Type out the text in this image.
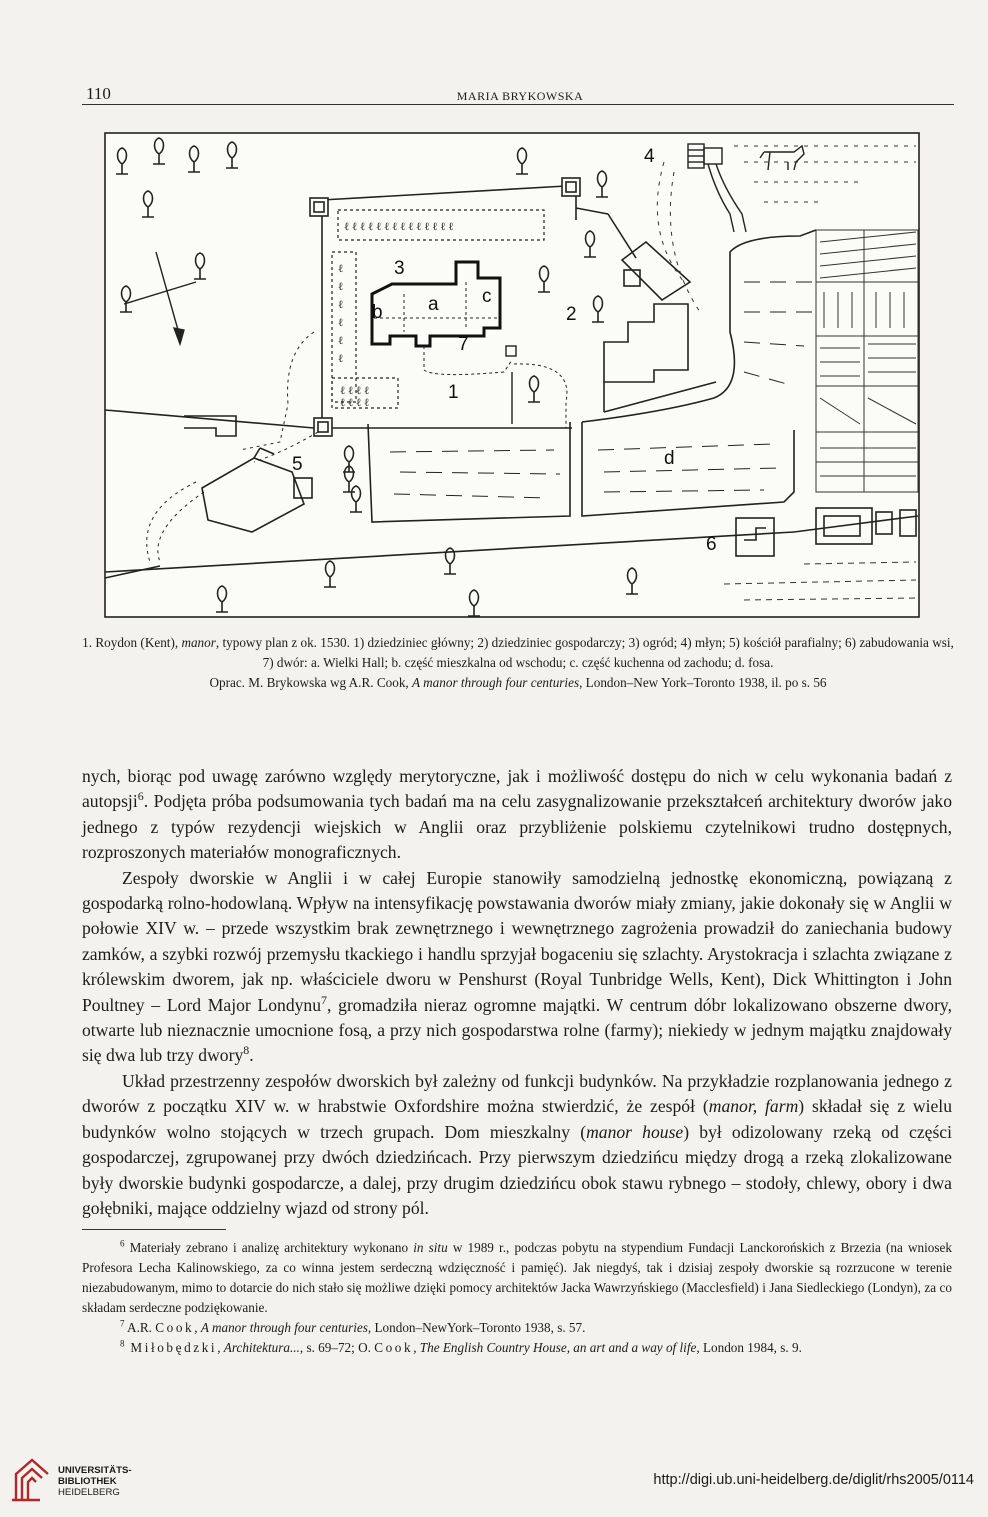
110	MARIA BRYKOWSKA
ℓ ℓ ℓ ℓ ℓ ℓ ℓ ℓ ℓ ℓ ℓ ℓ ℓ ℓ
ℓ
ℓ
ℓ
ℓ
ℓ
ℓ
ℓ ℓ ℓ ℓ
ℓ ℓ ℓ ℓ	1
2
3
4
5
6
7
a
b
c
d

1. Roydon (Kent), manor, typowy plan z ok. 1530. 1) dziedziniec główny; 2) dziedziniec gospodarczy; 3) ogród; 4) młyn; 5) kościół parafialny; 6) zabudowania wsi, 7) dwór: a. Wielki Hall; b. część mieszkalna od wschodu; c. część kuchenna od zachodu; d. fosa.

Oprac. M. Brykowska wg A.R. Cook, A manor through four centuries, London–New York–Toronto 1938, il. po s. 56

nych, biorąc pod uwagę zarówno względy merytoryczne, jak i możliwość dostępu do nich w celu wykonania badań z autopsji$^6$. Podjęta próba podsumowania tych badań ma na celu zasygnalizowanie przekształceń architektury dworów jako jednego z typów rezydencji wiejskich w Anglii oraz przybliżenie polskiemu czytelnikowi trudno dostępnych, rozproszonych materiałów monograficznych.

Zespoły dworskie w Anglii i w całej Europie stanowiły samodzielną jednostkę ekonomiczną, powiązaną z gospodarką rolno-hodowlaną. Wpływ na intensyfikację powstawania dworów miały zmiany, jakie dokonały się w Anglii w połowie XIV w. – przede wszystkim brak zewnętrznego i wewnętrznego zagrożenia prowadził do zaniechania budowy zamków, a szybki rozwój przemysłu tkackiego i handlu sprzyjał bogaceniu się szlachty. Arystokracja i szlachta związane z królewskim dworem, jak np. właściciele dworu w Penshurst (Royal Tunbridge Wells, Kent), Dick Whittington i John Poultney – Lord Major Londynu$^7$, gromadziła nieraz ogromne majątki. W centrum dóbr lokalizowano obszerne dwory, otwarte lub nieznacznie umocnione fosą, a przy nich gospodarstwa rolne (farmy); niekiedy w jednym majątku znajdowały się dwa lub trzy dwory$^8$.

Układ przestrzenny zespołów dworskich był zależny od funkcji budynków. Na przykładzie rozplanowania jednego z dworów z początku XIV w. w hrabstwie Oxfordshire można stwierdzić, że zespół (manor, farm) składał się z wielu budynków wolno stojących w trzech grupach. Dom mieszkalny (manor house) był odizolowany rzeką od części gospodarczej, zgrupowanej przy dwóch dziedzińcach. Przy pierwszym dziedzińcu między drogą a rzeką zlokalizowane były dworskie budynki gospodarcze, a dalej, przy drugim dziedzińcu obok stawu rybnego – stodoły, chlewy, obory i dwa gołębniki, mające oddzielny wjazd od strony pól.

$^6$ Materiały zebrano i analizę architektury wykonano in situ w 1989 r., podczas pobytu na stypendium Fundacji Lanckorońskich z Brzezia (na wniosek Profesora Lecha Kalinowskiego, za co winna jestem serdeczną wdzięczność i pamięć). Jak niegdyś, tak i dzisiaj zespoły dworskie są rozrzucone w terenie niezabudowanym, mimo to dotarcie do nich stało się możliwe dzięki pomocy architektów Jacka Wawrzyńskiego (Macclesfield) i Jana Siedleckiego (Londyn), za co składam serdeczne podziękowanie.

$^7$ A.R. Cook, A manor through four centuries, London–NewYork–Toronto 1938, s. 57.

$^8$ Miłobędzki, Architektura..., s. 69–72; O. Cook, The English Country House, an art and a way of life, London 1984, s. 9.

UNIVERSITÄTS-
BIBLIOTHEK
HEIDELBERG
http://digi.ub.uni-heidelberg.de/diglit/rhs2005/0114
